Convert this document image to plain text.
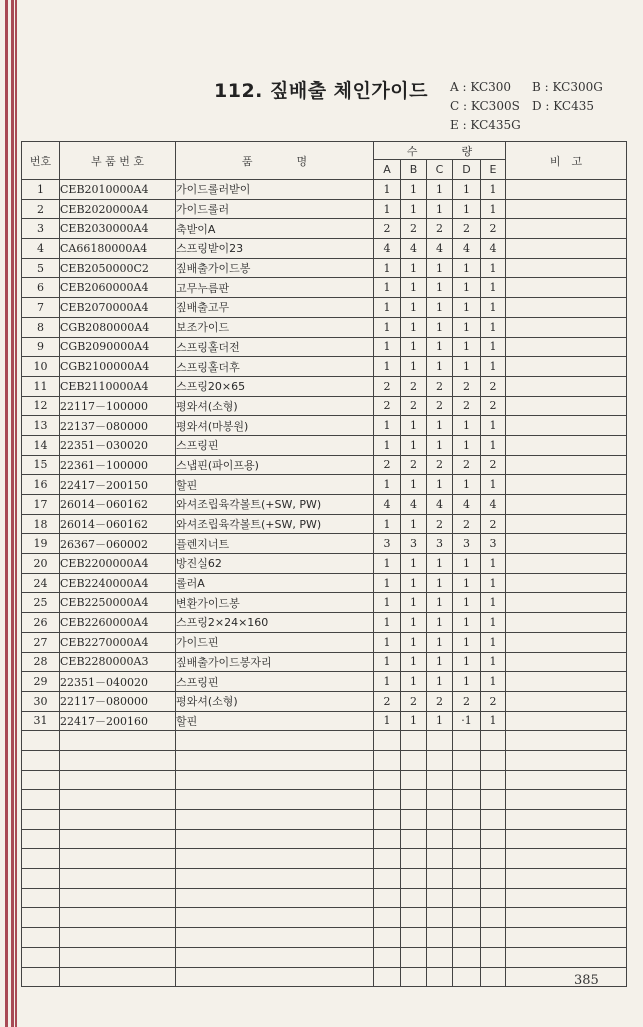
112. 짚배출 체인가이드 A : KC300 B : KC300G
C : KC300S D : KC435
E : KC435G
번호	부 품 번 호	품　　　　명	수　　　　량					비　고
			A	B	C	D	E	
1	CEB2010000A4	가이드롤러받이	1	1	1	1	1	
2	CEB2020000A4	가이드롤러	1	1	1	1	1	
3	CEB2030000A4	축받이A	2	2	2	2	2	
4	CA66180000A4	스프링받이23	4	4	4	4	4	
5	CEB2050000C2	짚배출가이드봉	1	1	1	1	1	
6	CEB2060000A4	고무누름판	1	1	1	1	1	
7	CEB2070000A4	짚배출고무	1	1	1	1	1	
8	CGB2080000A4	보조가이드	1	1	1	1	1	
9	CGB2090000A4	스프링홀더전	1	1	1	1	1	
10	CGB2100000A4	스프링홀더후	1	1	1	1	1	
11	CEB2110000A4	스프링20×65	2	2	2	2	2	
12	22117－100000	평와셔(소형)	2	2	2	2	2	
13	22137－080000	평와셔(마봉원)	1	1	1	1	1	
14	22351－030020	스프링핀	1	1	1	1	1	
15	22361－100000	스냅핀(파이프용)	2	2	2	2	2	
16	22417－200150	할핀	1	1	1	1	1	
17	26014－060162	와셔조립육각볼트(+SW, PW)	4	4	4	4	4	
18	26014－060162	와셔조립육각볼트(+SW, PW)	1	1	2	2	2	
19	26367－060002	플렌지너트	3	3	3	3	3	
20	CEB2200000A4	방진실62	1	1	1	1	1	
24	CEB2240000A4	롤러A	1	1	1	1	1	
25	CEB2250000A4	변환가이드봉	1	1	1	1	1	
26	CEB2260000A4	스프링2×24×160	1	1	1	1	1	
27	CEB2270000A4	가이드핀	1	1	1	1	1	
28	CEB2280000A3	짚배출가이드봉자리	1	1	1	1	1	
29	22351－040020	스프링핀	1	1	1	1	1	
30	22117－080000	평와셔(소형)	2	2	2	2	2	
31	22417－200160	할핀	1	1	1	·1	1	

385
